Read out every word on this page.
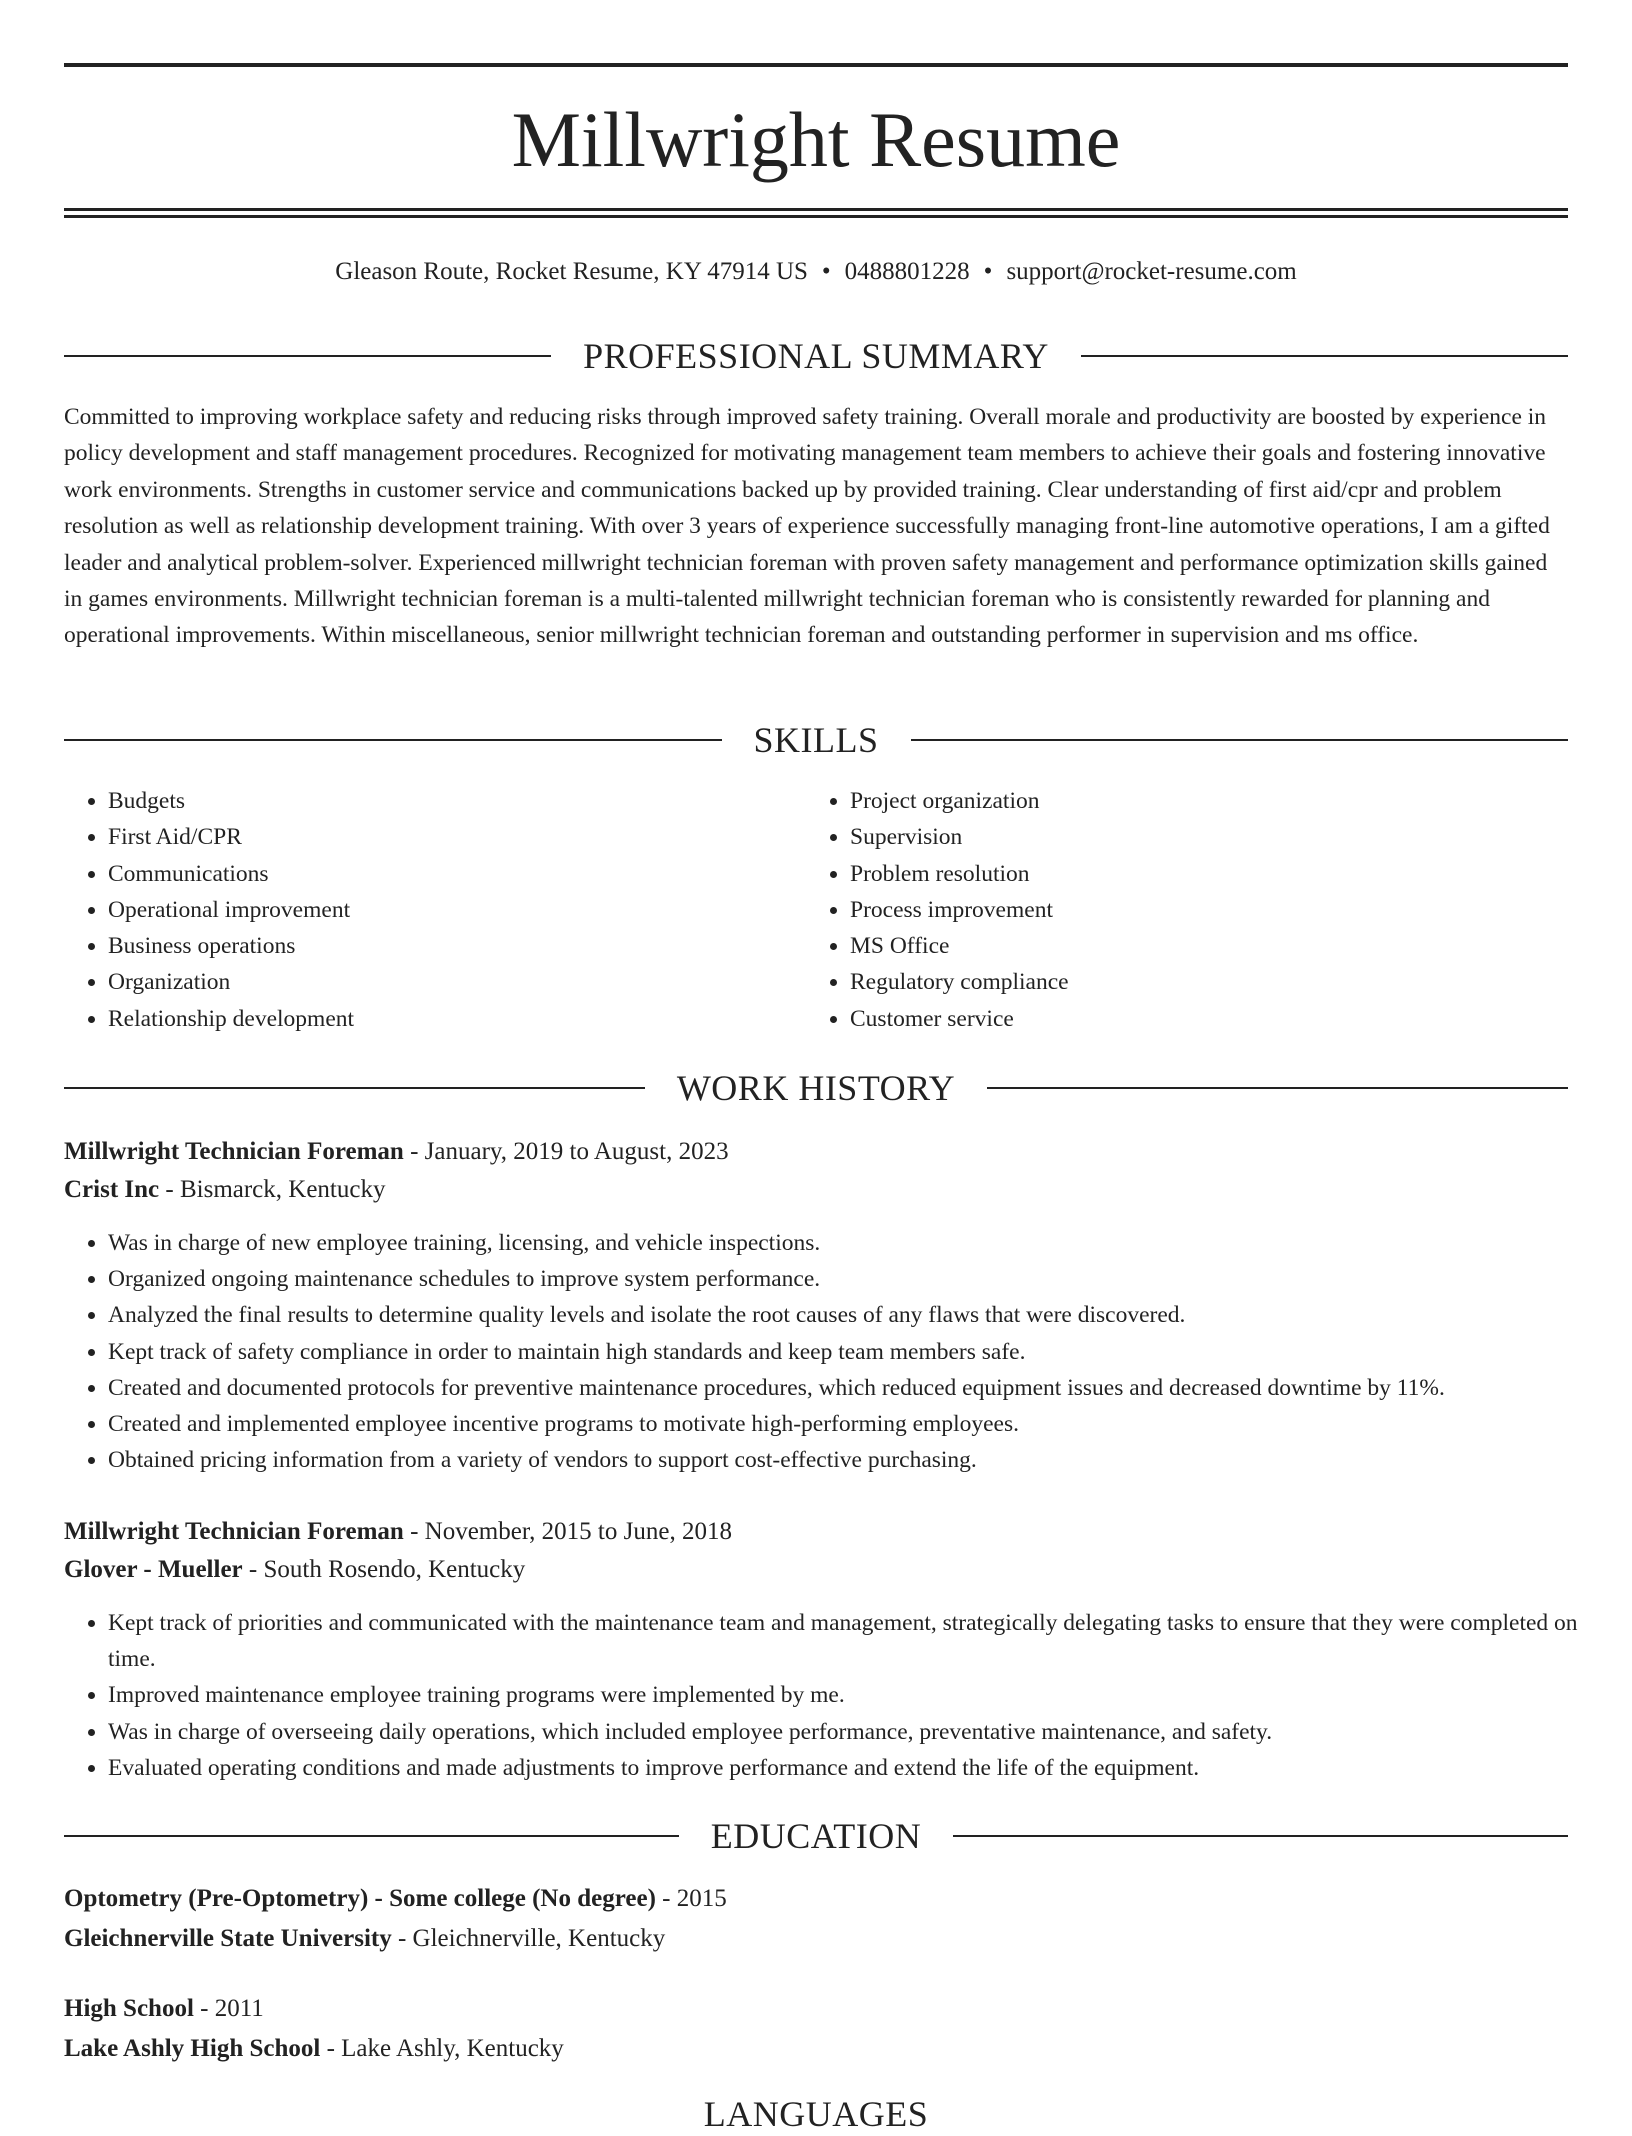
Millwright Resume
Gleason Route, Rocket Resume, KY 47914 US • 0488801228 • support@rocket-resume.com
PROFESSIONAL SUMMARY

Committed to improving workplace safety and reducing risks through improved safety training. Overall morale and productivity are boosted by experience in policy development and staff management procedures. Recognized for motivating management team members to achieve their goals and fostering innovative work environments. Strengths in customer service and communications backed up by provided training. Clear understanding of first aid/cpr and problem resolution as well as relationship development training. With over 3 years of experience successfully managing front-line automotive operations, I am a gifted leader and analytical problem-solver. Experienced millwright technician foreman with proven safety management and performance optimization skills gained in games environments. Millwright technician foreman is a multi-talented millwright technician foreman who is consistently rewarded for planning and operational improvements. Within miscellaneous, senior millwright technician foreman and outstanding performer in supervision and ms office.

SKILLS
• Budgets
• First Aid/CPR
• Communications
• Operational improvement
• Business operations
• Organization
• Relationship development
• Project organization
• Supervision
• Problem resolution
• Process improvement
• MS Office
• Regulatory compliance
• Customer service
WORK HISTORY
Millwright Technician Foreman - January, 2019 to August, 2023
Crist Inc - Bismarck, Kentucky
• Was in charge of new employee training, licensing, and vehicle inspections.
• Organized ongoing maintenance schedules to improve system performance.
• Analyzed the final results to determine quality levels and isolate the root causes of any flaws that were discovered.
• Kept track of safety compliance in order to maintain high standards and keep team members safe.
• Created and documented protocols for preventive maintenance procedures, which reduced equipment issues and decreased downtime by 11%.
• Created and implemented employee incentive programs to motivate high-performing employees.
• Obtained pricing information from a variety of vendors to support cost-effective purchasing.
Millwright Technician Foreman - November, 2015 to June, 2018
Glover - Mueller - South Rosendo, Kentucky
• Kept track of priorities and communicated with the maintenance team and management, strategically delegating tasks to ensure that they were completed on time.
• Improved maintenance employee training programs were implemented by me.
• Was in charge of overseeing daily operations, which included employee performance, preventative maintenance, and safety.
• Evaluated operating conditions and made adjustments to improve performance and extend the life of the equipment.
EDUCATION
Optometry (Pre-Optometry) - Some college (No degree) - 2015
Gleichnerville State University - Gleichnerville, Kentucky
High School - 2011
Lake Ashly High School - Lake Ashly, Kentucky
LANGUAGES
